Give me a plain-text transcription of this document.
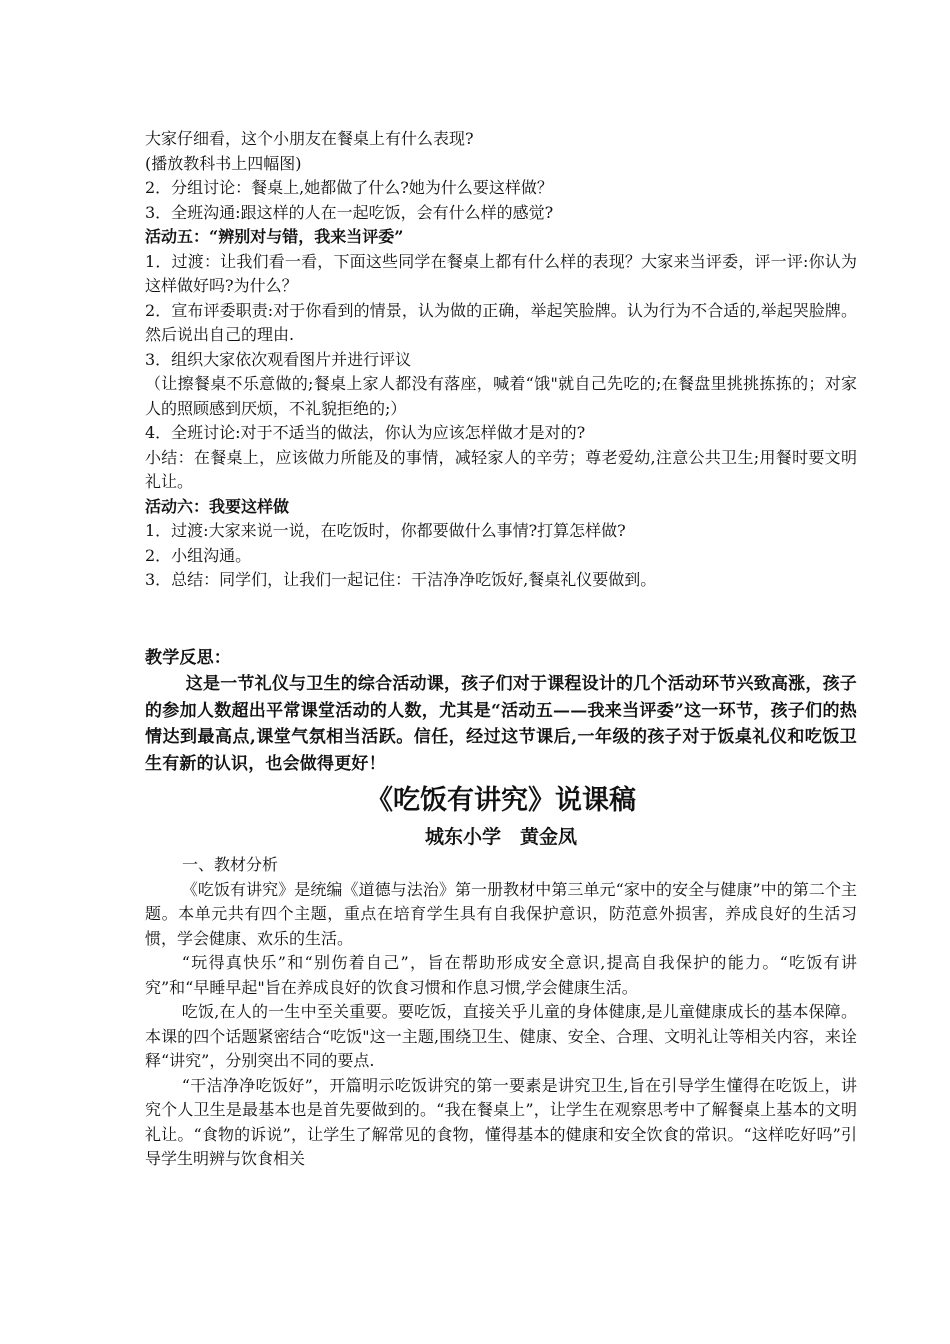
大家仔细看，这个小朋友在餐桌上有什么表现?

(播放教科书上四幅图)

2．分组讨论：餐桌上,她都做了什么?她为什么要这样做？

3．全班沟通:跟这样的人在一起吃饭，会有什么样的感觉?

活动五：“辨别对与错，我来当评委”

1．过渡：让我们看一看，下面这些同学在餐桌上都有什么样的表现？大家来当评委，评一评:你认为这样做好吗?为什么？

2．宣布评委职责:对于你看到的情景，认为做的正确，举起笑脸牌。认为行为不合适的,举起哭脸牌。然后说出自己的理由.

3．组织大家依次观看图片并进行评议

（让擦餐桌不乐意做的;餐桌上家人都没有落座，喊着“饿"就自己先吃的;在餐盘里挑挑拣拣的；对家人的照顾感到厌烦，不礼貌拒绝的;）

4．全班讨论:对于不适当的做法，你认为应该怎样做才是对的?

小结：在餐桌上，应该做力所能及的事情，减轻家人的辛劳；尊老爱幼,注意公共卫生;用餐时要文明礼让。

活动六：我要这样做

1．过渡:大家来说一说，在吃饭时，你都要做什么事情?打算怎样做?

2．小组沟通。

3．总结：同学们，让我们一起记住：干洁净净吃饭好,餐桌礼仪要做到。

教学反思：

这是一节礼仪与卫生的综合活动课，孩子们对于课程设计的几个活动环节兴致高涨，孩子的参加人数超出平常课堂活动的人数，尤其是“活动五——我来当评委”这一环节，孩子们的热情达到最高点,课堂气氛相当活跃。信任，经过这节课后,一年级的孩子对于饭桌礼仪和吃饭卫生有新的认识，也会做得更好！

《吃饭有讲究》说课稿

城东小学　黄金凤

一、教材分析

《吃饭有讲究》是统编《道德与法治》第一册教材中第三单元“家中的安全与健康”中的第二个主题。本单元共有四个主题，重点在培育学生具有自我保护意识，防范意外损害，养成良好的生活习惯，学会健康、欢乐的生活。

“玩得真快乐”和“别伤着自己”，旨在帮助形成安全意识,提高自我保护的能力。“吃饭有讲究”和“早睡早起"旨在养成良好的饮食习惯和作息习惯,学会健康生活。

吃饭,在人的一生中至关重要。要吃饭，直接关乎儿童的身体健康,是儿童健康成长的基本保障。本课的四个话题紧密结合“吃饭"这一主题,围绕卫生、健康、安全、合理、文明礼让等相关内容，来诠释“讲究”，分别突出不同的要点.

“干洁净净吃饭好”，开篇明示吃饭讲究的第一要素是讲究卫生,旨在引导学生懂得在吃饭上，讲究个人卫生是最基本也是首先要做到的。“我在餐桌上”，让学生在观察思考中了解餐桌上基本的文明礼让。“食物的诉说”，让学生了解常见的食物，懂得基本的健康和安全饮食的常识。“这样吃好吗”引导学生明辨与饮食相关
